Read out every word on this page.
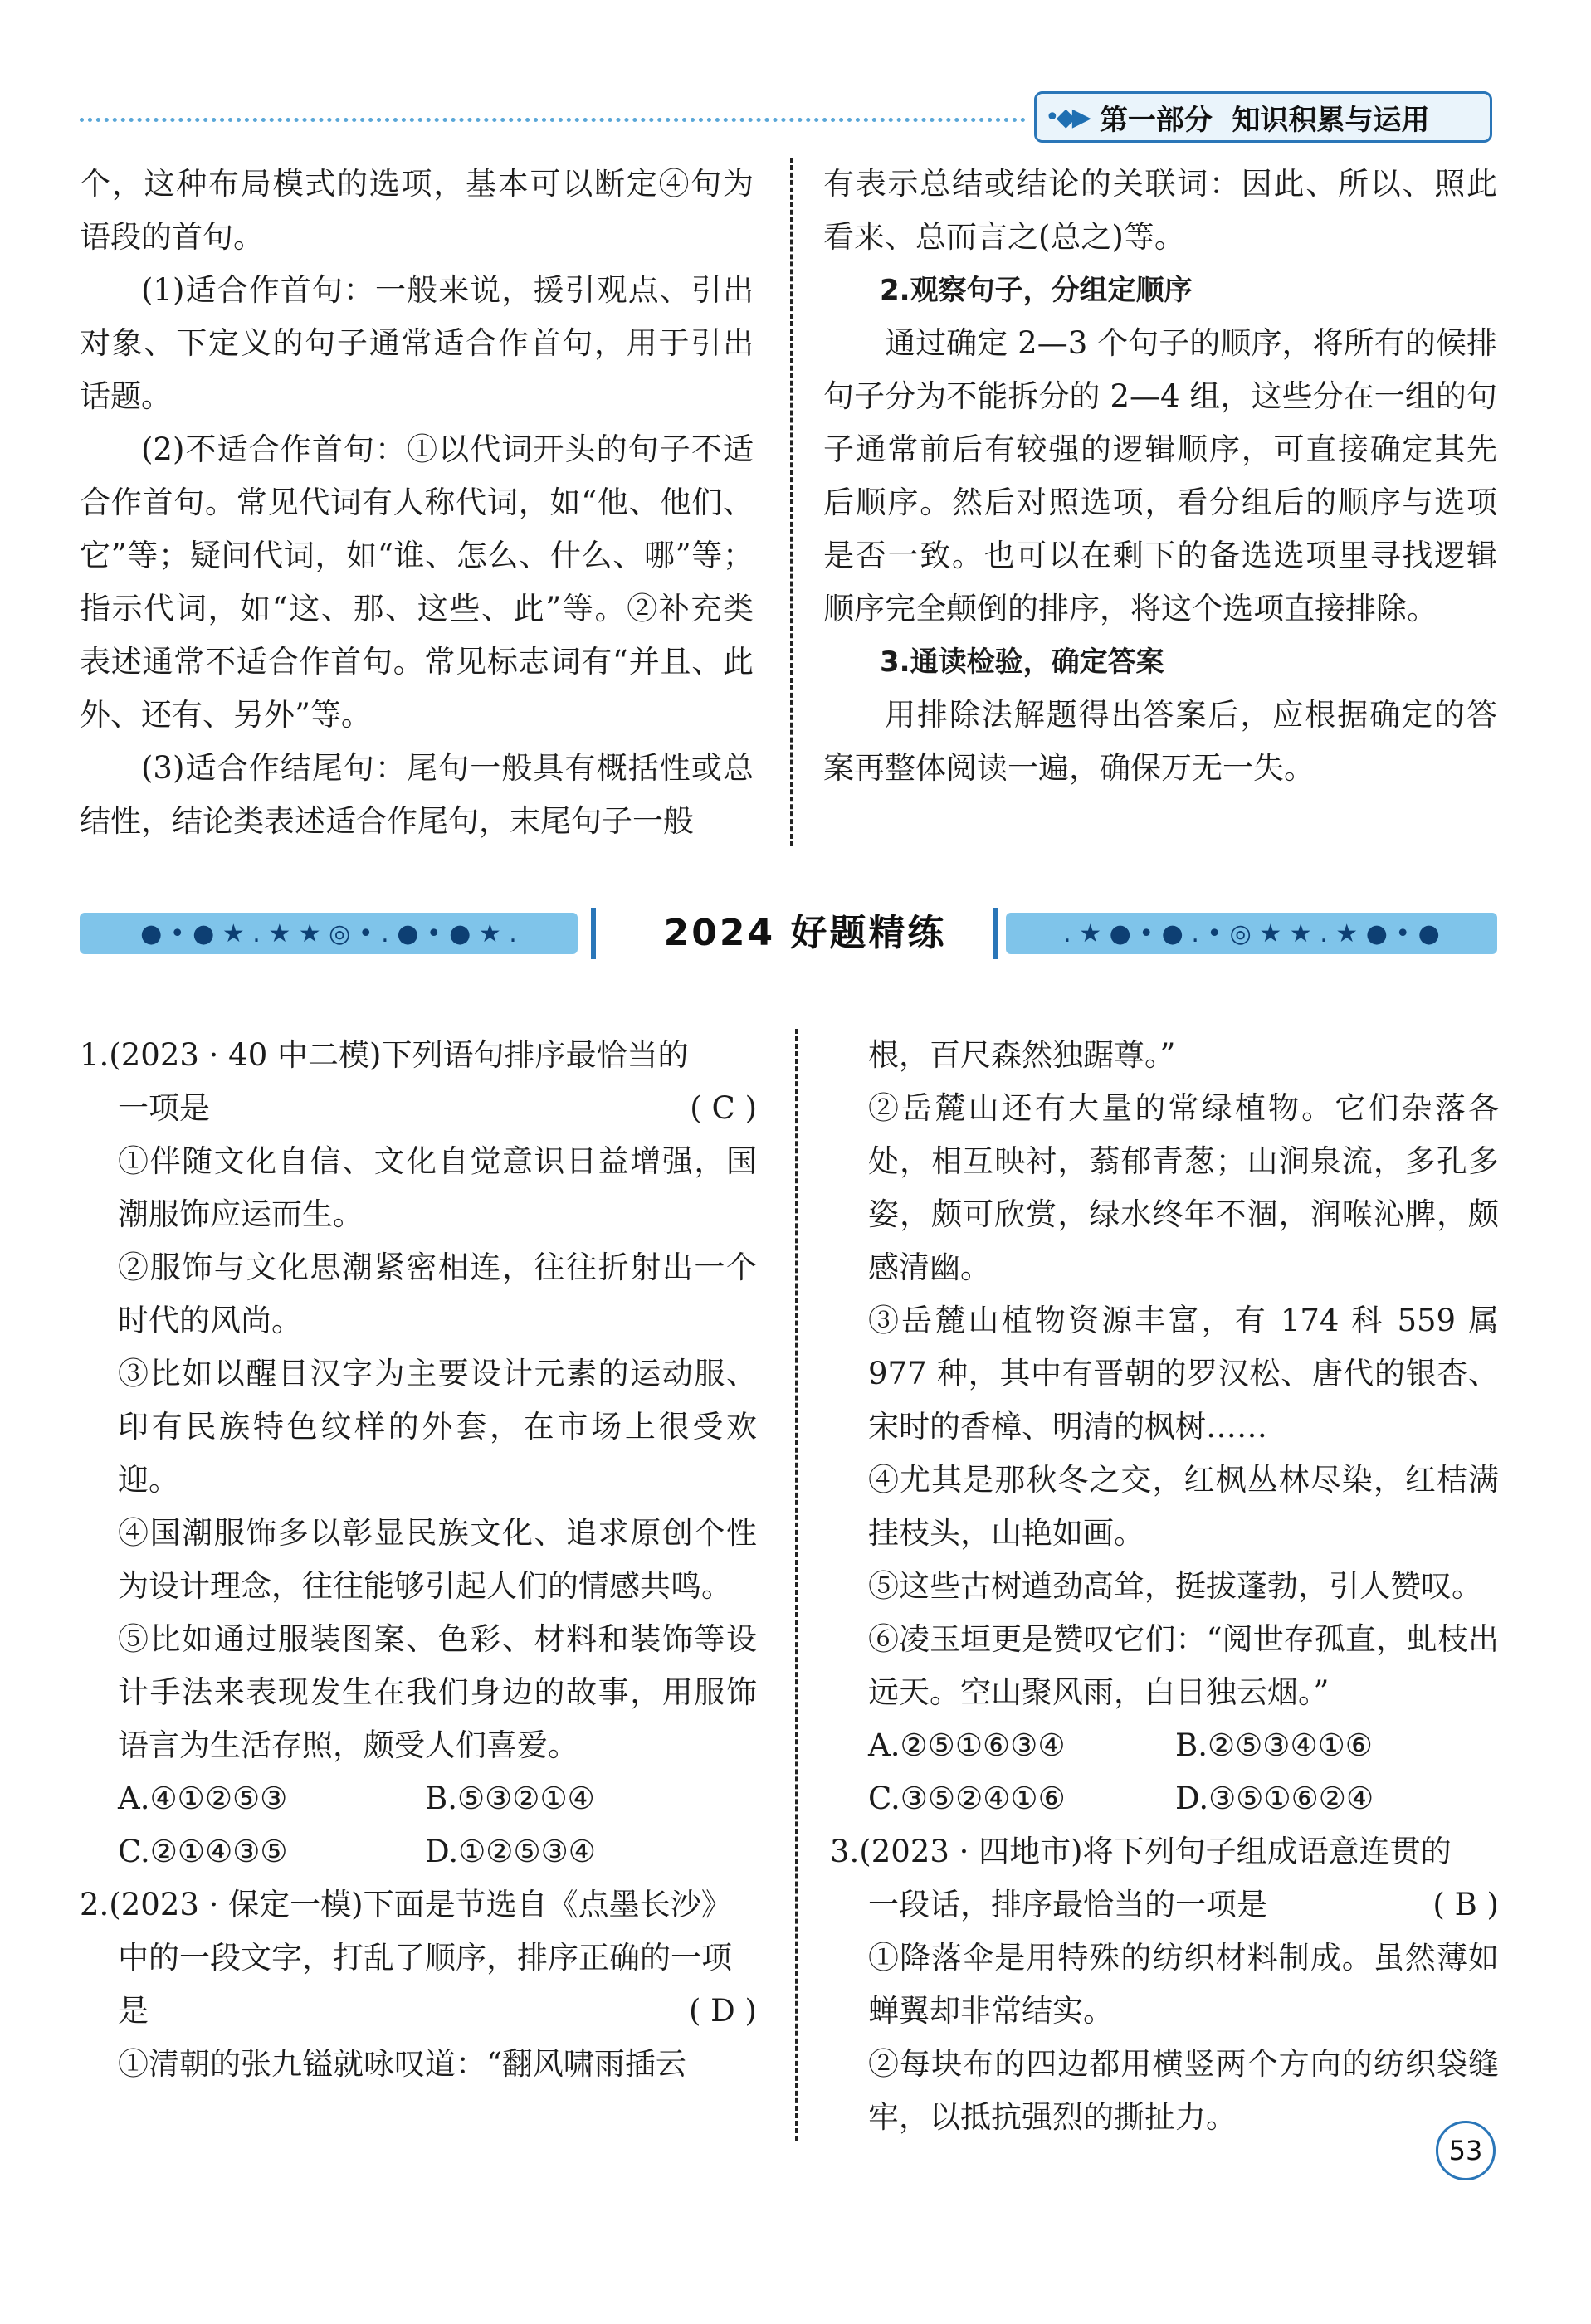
•◆▶ 第一部分  知识积累与运用

个，这种布局模式的选项，基本可以断定④句为语段的首句。

(1)适合作首句：一般来说，援引观点、引出对象、下定义的句子通常适合作首句，用于引出话题。

(2)不适合作首句：①以代词开头的句子不适合作首句。常见代词有人称代词，如“他、他们、它”等；疑问代词，如“谁、怎么、什么、哪”等；指示代词，如“这、那、这些、此”等。②补充类表述通常不适合作首句。常见标志词有“并且、此外、还有、另外”等。

(3)适合作结尾句：尾句一般具有概括性或总结性，结论类表述适合作尾句，末尾句子一般

有表示总结或结论的关联词：因此、所以、照此看来、总而言之(总之)等。

2.观察句子，分组定顺序

通过确定 2—3 个句子的顺序，将所有的候排句子分为不能拆分的 2—4 组，这些分在一组的句子通常前后有较强的逻辑顺序，可直接确定其先后顺序。然后对照选项，看分组后的顺序与选项是否一致。也可以在剩下的备选选项里寻找逻辑顺序完全颠倒的排序，将这个选项直接排除。

3.通读检验，确定答案

用排除法解题得出答案后，应根据确定的答案再整体阅读一遍，确保万无一失。

● • ● ★ . ★ ★ ◎ • . ● • ● ★ .	2024 好题精练	. ★ ● • ● . • ◎ ★ ★ . ★ ● • ●

1.(2023 · 40 中二模)下列语句排序最恰当的

一项是	( C )

①伴随文化自信、文化自觉意识日益增强，国潮服饰应运而生。

②服饰与文化思潮紧密相连，往往折射出一个时代的风尚。

③比如以醒目汉字为主要设计元素的运动服、印有民族特色纹样的外套，在市场上很受欢迎。

④国潮服饰多以彰显民族文化、追求原创个性为设计理念，往往能够引起人们的情感共鸣。

⑤比如通过服装图案、色彩、材料和装饰等设计手法来表现发生在我们身边的故事，用服饰语言为生活存照，颇受人们喜爱。

A.④①②⑤③	B.⑤③②①④
C.②①④③⑤	D.①②⑤③④

2.(2023 · 保定一模)下面是节选自《点墨长沙》

中的一段文字，打乱了顺序，排序正确的一项

是	( D )

①清朝的张九镒就咏叹道：“翻风啸雨插云

根，百尺森然独踞尊。”

②岳麓山还有大量的常绿植物。它们杂落各处，相互映衬，蓊郁青葱；山涧泉流，多孔多姿，颇可欣赏，绿水终年不涸，润喉沁脾，颇感清幽。

③岳麓山植物资源丰富，有 174 科 559 属 977 种，其中有晋朝的罗汉松、唐代的银杏、宋时的香樟、明清的枫树……

④尤其是那秋冬之交，红枫丛林尽染，红桔满挂枝头，山艳如画。

⑤这些古树遒劲高耸，挺拔蓬勃，引人赞叹。

⑥凌玉垣更是赞叹它们：“阅世存孤直，虬枝出远天。空山聚风雨，白日独云烟。”

A.②⑤①⑥③④	B.②⑤③④①⑥
C.③⑤②④①⑥	D.③⑤①⑥②④

3.(2023 · 四地市)将下列句子组成语意连贯的

一段话，排序最恰当的一项是	( B )

①降落伞是用特殊的纺织材料制成。虽然薄如蝉翼却非常结实。

②每块布的四边都用横竖两个方向的纺织袋缝牢，以抵抗强烈的撕扯力。

53
